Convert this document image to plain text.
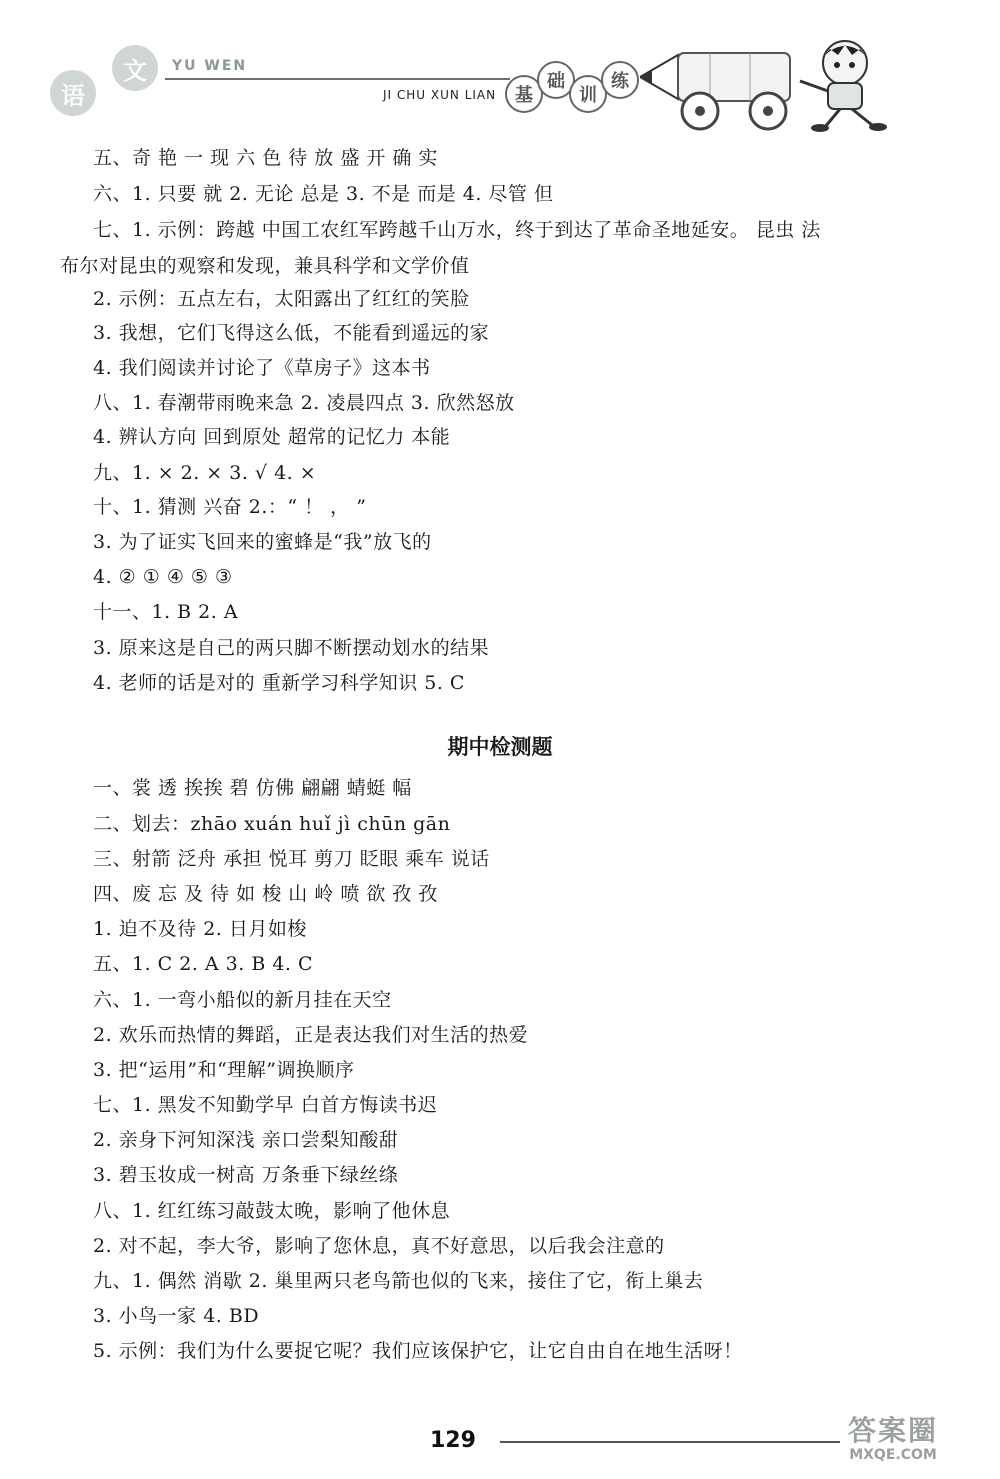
语
文	YU WEN
JI CHU XUN LIAN	基
础
训
练
五、奇 艳 一 现 六 色 待 放 盛 开 确 实
六、1. 只要 就 2. 无论 总是 3. 不是 而是 4. 尽管 但
七、1. 示例：跨越 中国工农红军跨越千山万水，终于到达了革命圣地延安。 昆虫 法
布尔对昆虫的观察和发现，兼具科学和文学价值
2. 示例：五点左右，太阳露出了红红的笑脸
3. 我想，它们飞得这么低，不能看到遥远的家
4. 我们阅读并讨论了《草房子》这本书
八、1. 春潮带雨晚来急 2. 凌晨四点 3. 欣然怒放
4. 辨认方向 回到原处 超常的记忆力 本能
九、1. × 2. × 3. √ 4. ×
十、1. 猜测 兴奋 2.：“ ！ ， ”
3. 为了证实飞回来的蜜蜂是“我”放飞的
4. ② ① ④ ⑤ ③
十一、1. B 2. A
3. 原来这是自己的两只脚不断摆动划水的结果
4. 老师的话是对的 重新学习科学知识 5. C
期中检测题
一、裳 透 挨挨 碧 仿佛 翩翩 蜻蜓 幅
二、划去：zhāo xuán huǐ jì chūn gān
三、射箭 泛舟 承担 悦耳 剪刀 眨眼 乘车 说话
四、废 忘 及 待 如 梭 山 岭 喷 欲 孜 孜
1. 迫不及待 2. 日月如梭
五、1. C 2. A 3. B 4. C
六、1. 一弯小船似的新月挂在天空
2. 欢乐而热情的舞蹈，正是表达我们对生活的热爱
3. 把“运用”和“理解”调换顺序
七、1. 黑发不知勤学早 白首方悔读书迟
2. 亲身下河知深浅 亲口尝梨知酸甜
3. 碧玉妆成一树高 万条垂下绿丝绦
八、1. 红红练习敲鼓太晚，影响了他休息
2. 对不起，李大爷，影响了您休息，真不好意思，以后我会注意的
九、1. 偶然 消歇 2. 巢里两只老鸟箭也似的飞来，接住了它，衔上巢去
3. 小鸟一家 4. BD
5. 示例：我们为什么要捉它呢？我们应该保护它，让它自由自在地生活呀！
129	答案圈
MXQE.COM
